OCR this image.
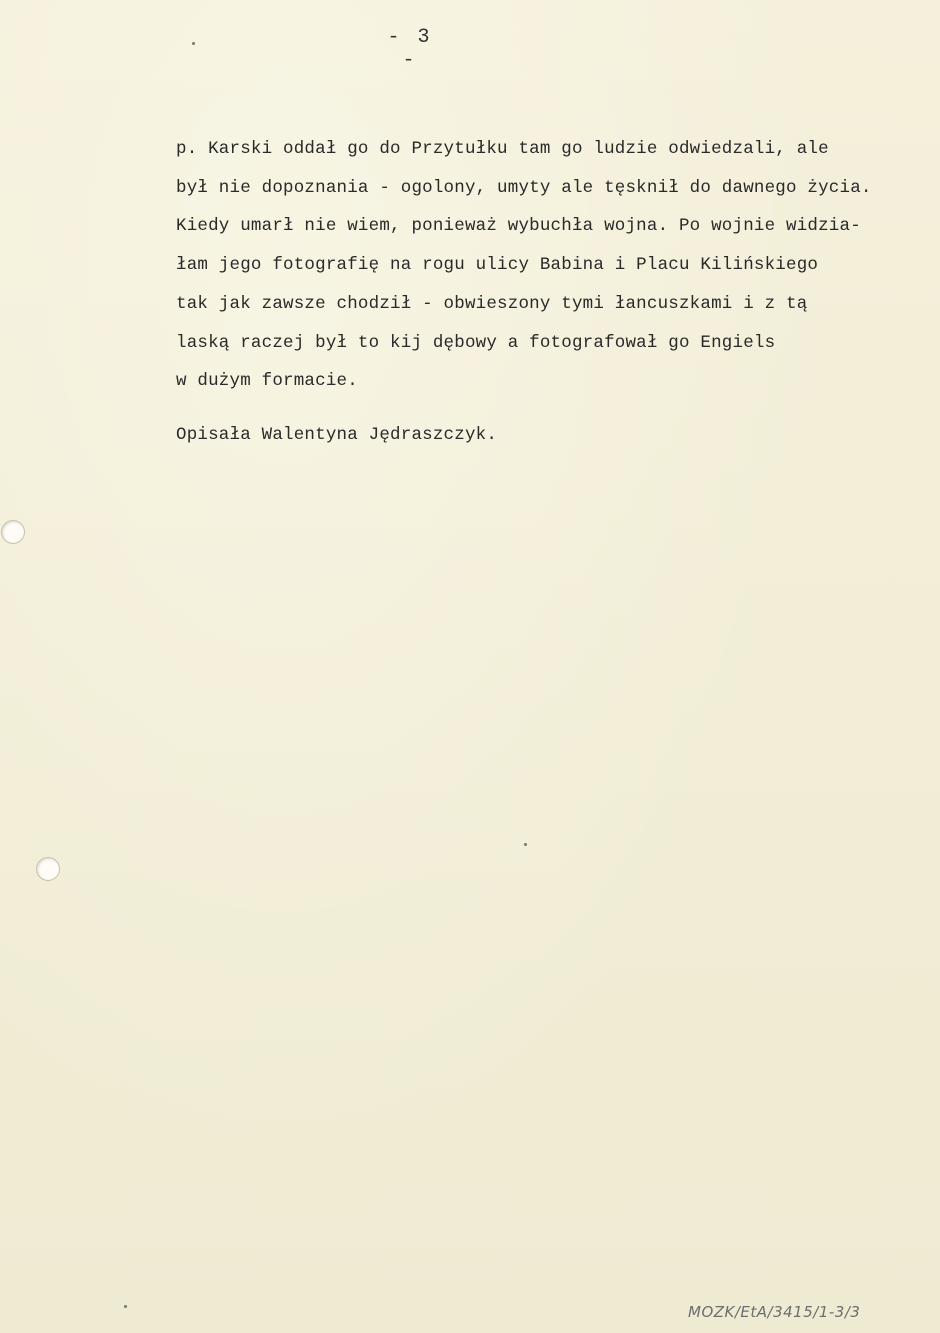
- 3 -
p. Karski oddał go do Przytułku tam go ludzie odwiedzali, ale
był nie dopoznania - ogolony, umyty ale tęsknił do dawnego życia.
Kiedy umarł nie wiem, ponieważ wybuchła wojna. Po wojnie widzia-
łam jego fotografię na rogu ulicy Babina i Placu Kilińskiego
tak jak zawsze chodził - obwieszony tymi łancuszkami i z tą
laską raczej był to kij dębowy a fotografował go Engiels
w dużym formacie.
Opisała Walentyna Jędraszczyk.
MOZK/EtA/3415/1-3/3
